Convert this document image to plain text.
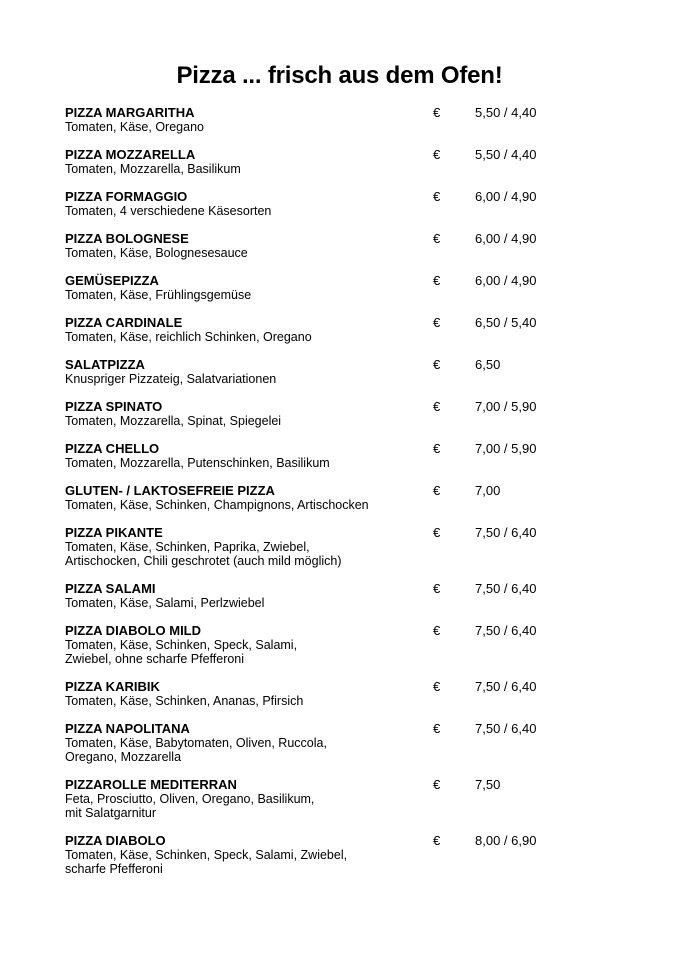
Pizza ... frisch aus dem Ofen!
PIZZA MARGARITHA
Tomaten, Käse, Oregano
€	5,50 / 4,40
PIZZA MOZZARELLA
Tomaten, Mozzarella, Basilikum
€	5,50 / 4,40
PIZZA FORMAGGIO
Tomaten, 4 verschiedene Käsesorten
€	6,00 / 4,90
PIZZA BOLOGNESE
Tomaten, Käse, Bolognesesauce
€	6,00 / 4,90
GEMÜSEPIZZA
Tomaten, Käse, Frühlingsgemüse
€	6,00 / 4,90
PIZZA CARDINALE
Tomaten, Käse, reichlich Schinken, Oregano
€	6,50 / 5,40
SALATPIZZA
Knuspriger Pizzateig, Salatvariationen
€	6,50
PIZZA SPINATO
Tomaten, Mozzarella, Spinat, Spiegelei
€	7,00 / 5,90
PIZZA CHELLO
Tomaten, Mozzarella, Putenschinken, Basilikum
€	7,00 / 5,90
GLUTEN- / LAKTOSEFREIE PIZZA
Tomaten, Käse, Schinken, Champignons, Artischocken
€	7,00
PIZZA PIKANTE
Tomaten, Käse, Schinken, Paprika, Zwiebel,
Artischocken, Chili geschrotet (auch mild möglich)
€	7,50 / 6,40
PIZZA SALAMI
Tomaten, Käse, Salami, Perlzwiebel
€	7,50 / 6,40
PIZZA DIABOLO MILD
Tomaten, Käse, Schinken, Speck, Salami,
Zwiebel, ohne scharfe Pfefferoni
€	7,50 / 6,40
PIZZA KARIBIK
Tomaten, Käse, Schinken, Ananas, Pfirsich
€	7,50 / 6,40
PIZZA NAPOLITANA
Tomaten, Käse, Babytomaten, Oliven, Ruccola,
Oregano, Mozzarella
€	7,50 / 6,40
PIZZAROLLE MEDITERRAN
Feta, Prosciutto, Oliven, Oregano, Basilikum,
mit Salatgarnitur
€	7,50
PIZZA DIABOLO
Tomaten, Käse, Schinken, Speck, Salami, Zwiebel,
scharfe Pfefferoni
€	8,00 / 6,90
